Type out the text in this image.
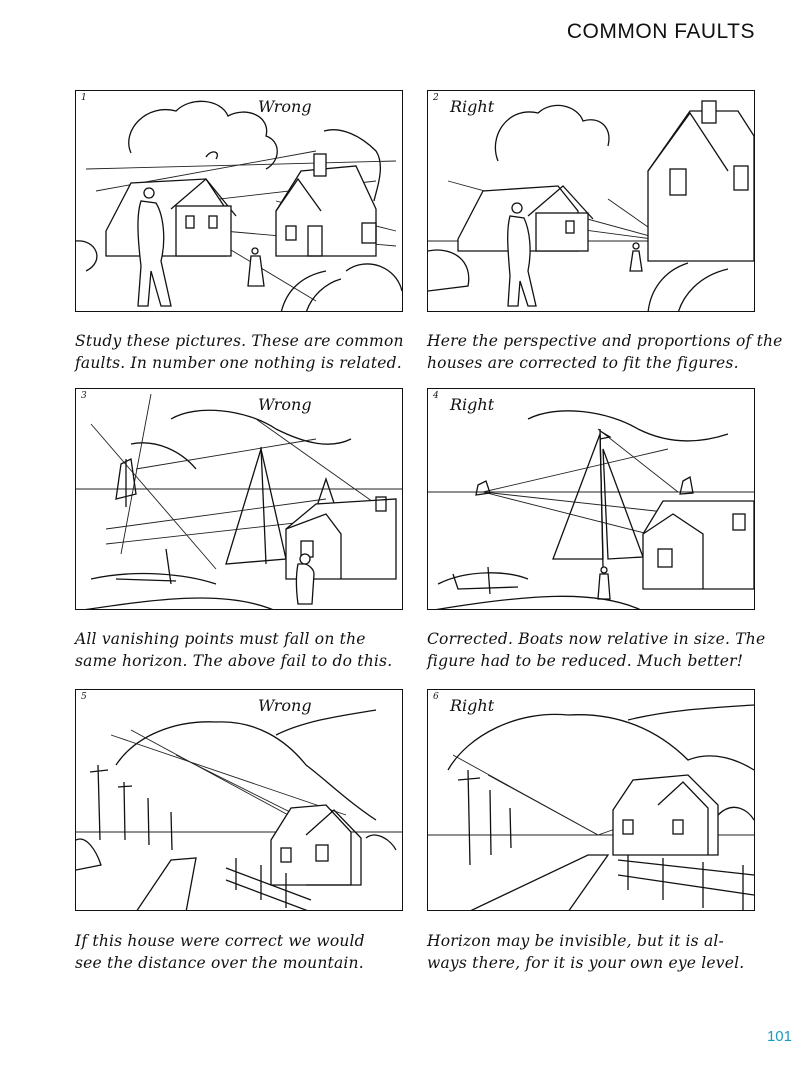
COMMON FAULTS
1	Wrong
Study these pictures. These are common
faults. In number one nothing is related.
2 Right
Here the perspective and proportions of the
houses are corrected to fit the figures.
3	Wrong
All vanishing points must fall on the
same horizon. The above fail to do this.
4 Right
Corrected. Boats now relative in size. The
figure had to be reduced. Much better!
5	Wrong
If this house were correct we would
see the distance over the mountain.
6 Right
Horizon may be invisible, but it is al-
ways there, for it is your own eye level.
101
